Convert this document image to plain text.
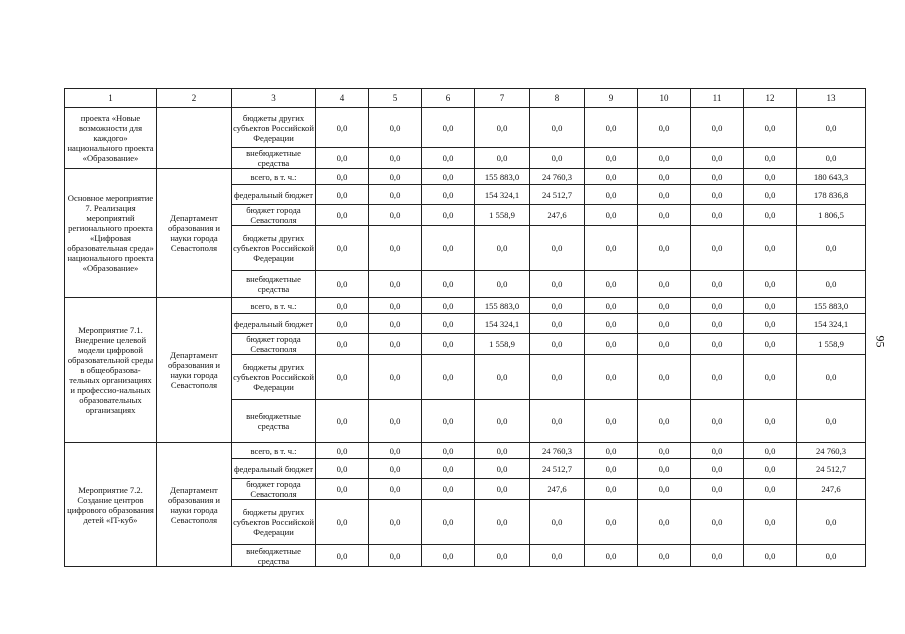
1	2	3	4	5	6	7	8	9	10	11	12	13
проекта «Новые возможности для каждого» национального проекта «Образование»		бюджеты других субъектов Российской Федерации	0,0	0,0	0,0	0,0	0,0	0,0	0,0	0,0	0,0	0,0
		внебюджетные средства	0,0	0,0	0,0	0,0	0,0	0,0	0,0	0,0	0,0	0,0
Основное мероприятие 7. Реализация мероприятий регионального проекта «Цифровая образовательная среда» национального проекта «Образование»	Департамент образования и науки города Севастополя	всего, в т. ч.:	0,0	0,0	0,0	155 883,0	24 760,3	0,0	0,0	0,0	0,0	180 643,3
		федеральный бюджет	0,0	0,0	0,0	154 324,1	24 512,7	0,0	0,0	0,0	0,0	178 836,8
		бюджет города Севастополя	0,0	0,0	0,0	1 558,9	247,6	0,0	0,0	0,0	0,0	1 806,5
		бюджеты других субъектов Российской Федерации	0,0	0,0	0,0	0,0	0,0	0,0	0,0	0,0	0,0	0,0
		внебюджетные средства	0,0	0,0	0,0	0,0	0,0	0,0	0,0	0,0	0,0	0,0
Мероприятие 7.1. Внедрение целевой модели цифровой образовательной среды в общеобразова-тельных организациях и профессио-нальных образовательных организациях	Департамент образования и науки города Севастополя	всего, в т. ч.:	0,0	0,0	0,0	155 883,0	0,0	0,0	0,0	0,0	0,0	155 883,0
		федеральный бюджет	0,0	0,0	0,0	154 324,1	0,0	0,0	0,0	0,0	0,0	154 324,1
		бюджет города Севастополя	0,0	0,0	0,0	1 558,9	0,0	0,0	0,0	0,0	0,0	1 558,9
		бюджеты других субъектов Российской Федерации	0,0	0,0	0,0	0,0	0,0	0,0	0,0	0,0	0,0	0,0
		внебюджетные средства	0,0	0,0	0,0	0,0	0,0	0,0	0,0	0,0	0,0	0,0
Мероприятие 7.2. Создание центров цифрового образования детей «IT-куб»	Департамент образования и науки города Севастополя	всего, в т. ч.:	0,0	0,0	0,0	0,0	24 760,3	0,0	0,0	0,0	0,0	24 760,3
		федеральный бюджет	0,0	0,0	0,0	0,0	24 512,7	0,0	0,0	0,0	0,0	24 512,7
		бюджет города Севастополя	0,0	0,0	0,0	0,0	247,6	0,0	0,0	0,0	0,0	247,6
		бюджеты других субъектов Российской Федерации	0,0	0,0	0,0	0,0	0,0	0,0	0,0	0,0	0,0	0,0
		внебюджетные средства	0,0	0,0	0,0	0,0	0,0	0,0	0,0	0,0	0,0	0,0
95
